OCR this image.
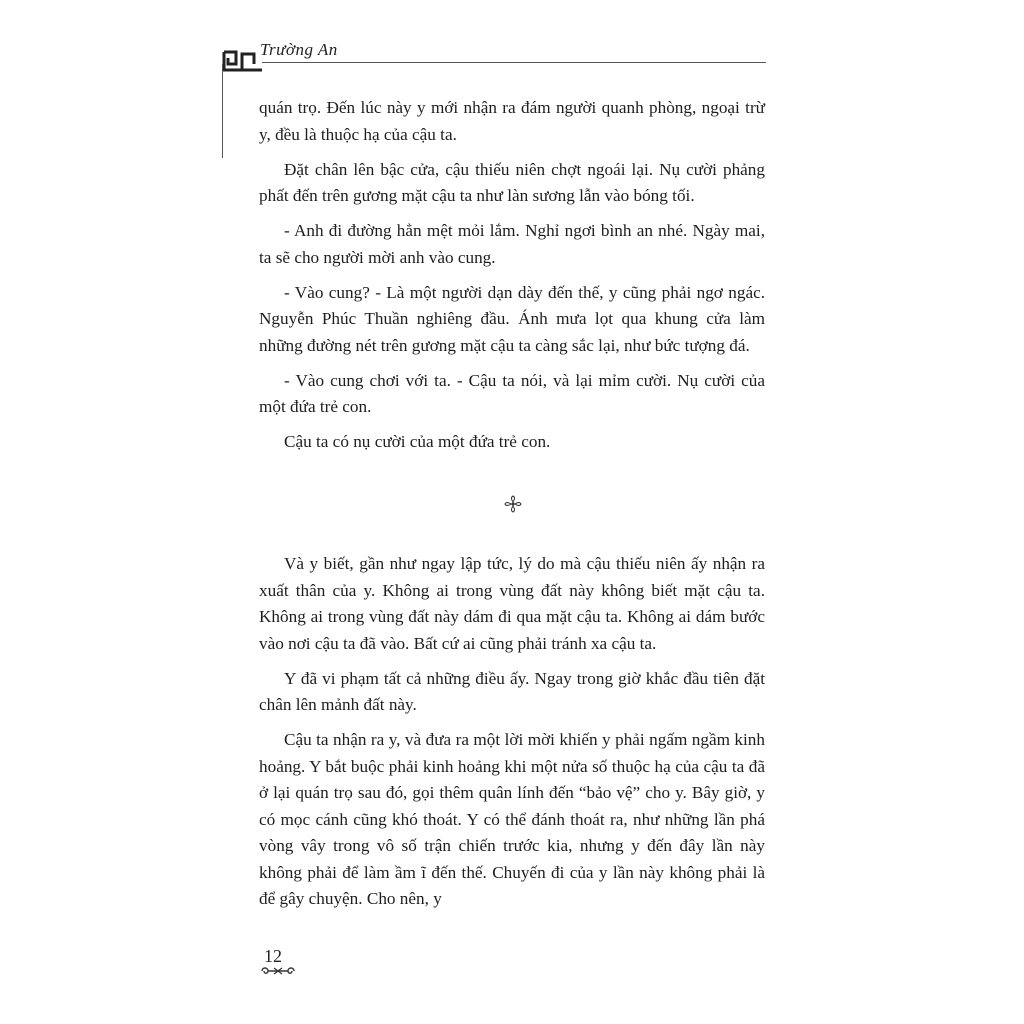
Trường An

quán trọ. Đến lúc này y mới nhận ra đám người quanh phòng, ngoại trừ y, đều là thuộc hạ của cậu ta.

Đặt chân lên bậc cửa, cậu thiếu niên chợt ngoái lại. Nụ cười phảng phất đến trên gương mặt cậu ta như làn sương lẫn vào bóng tối.

- Anh đi đường hẳn mệt mỏi lắm. Nghỉ ngơi bình an nhé. Ngày mai, ta sẽ cho người mời anh vào cung.

- Vào cung? - Là một người dạn dày đến thế, y cũng phải ngơ ngác. Nguyễn Phúc Thuần nghiêng đầu. Ánh mưa lọt qua khung cửa làm những đường nét trên gương mặt cậu ta càng sắc lại, như bức tượng đá.

- Vào cung chơi với ta. - Cậu ta nói, và lại mỉm cười. Nụ cười của một đứa trẻ con.

Cậu ta có nụ cười của một đứa trẻ con.

Và y biết, gần như ngay lập tức, lý do mà cậu thiếu niên ấy nhận ra xuất thân của y. Không ai trong vùng đất này không biết mặt cậu ta. Không ai trong vùng đất này dám đi qua mặt cậu ta. Không ai dám bước vào nơi cậu ta đã vào. Bất cứ ai cũng phải tránh xa cậu ta.

Y đã vi phạm tất cả những điều ấy. Ngay trong giờ khắc đầu tiên đặt chân lên mảnh đất này.

Cậu ta nhận ra y, và đưa ra một lời mời khiến y phải ngấm ngầm kinh hoảng. Y bắt buộc phải kinh hoảng khi một nửa số thuộc hạ của cậu ta đã ở lại quán trọ sau đó, gọi thêm quân lính đến “bảo vệ” cho y. Bây giờ, y có mọc cánh cũng khó thoát. Y có thể đánh thoát ra, như những lần phá vòng vây trong vô số trận chiến trước kia, nhưng y đến đây lần này không phải để làm ầm ĩ đến thế. Chuyến đi của y lần này không phải là để gây chuyện. Cho nên, y

12
